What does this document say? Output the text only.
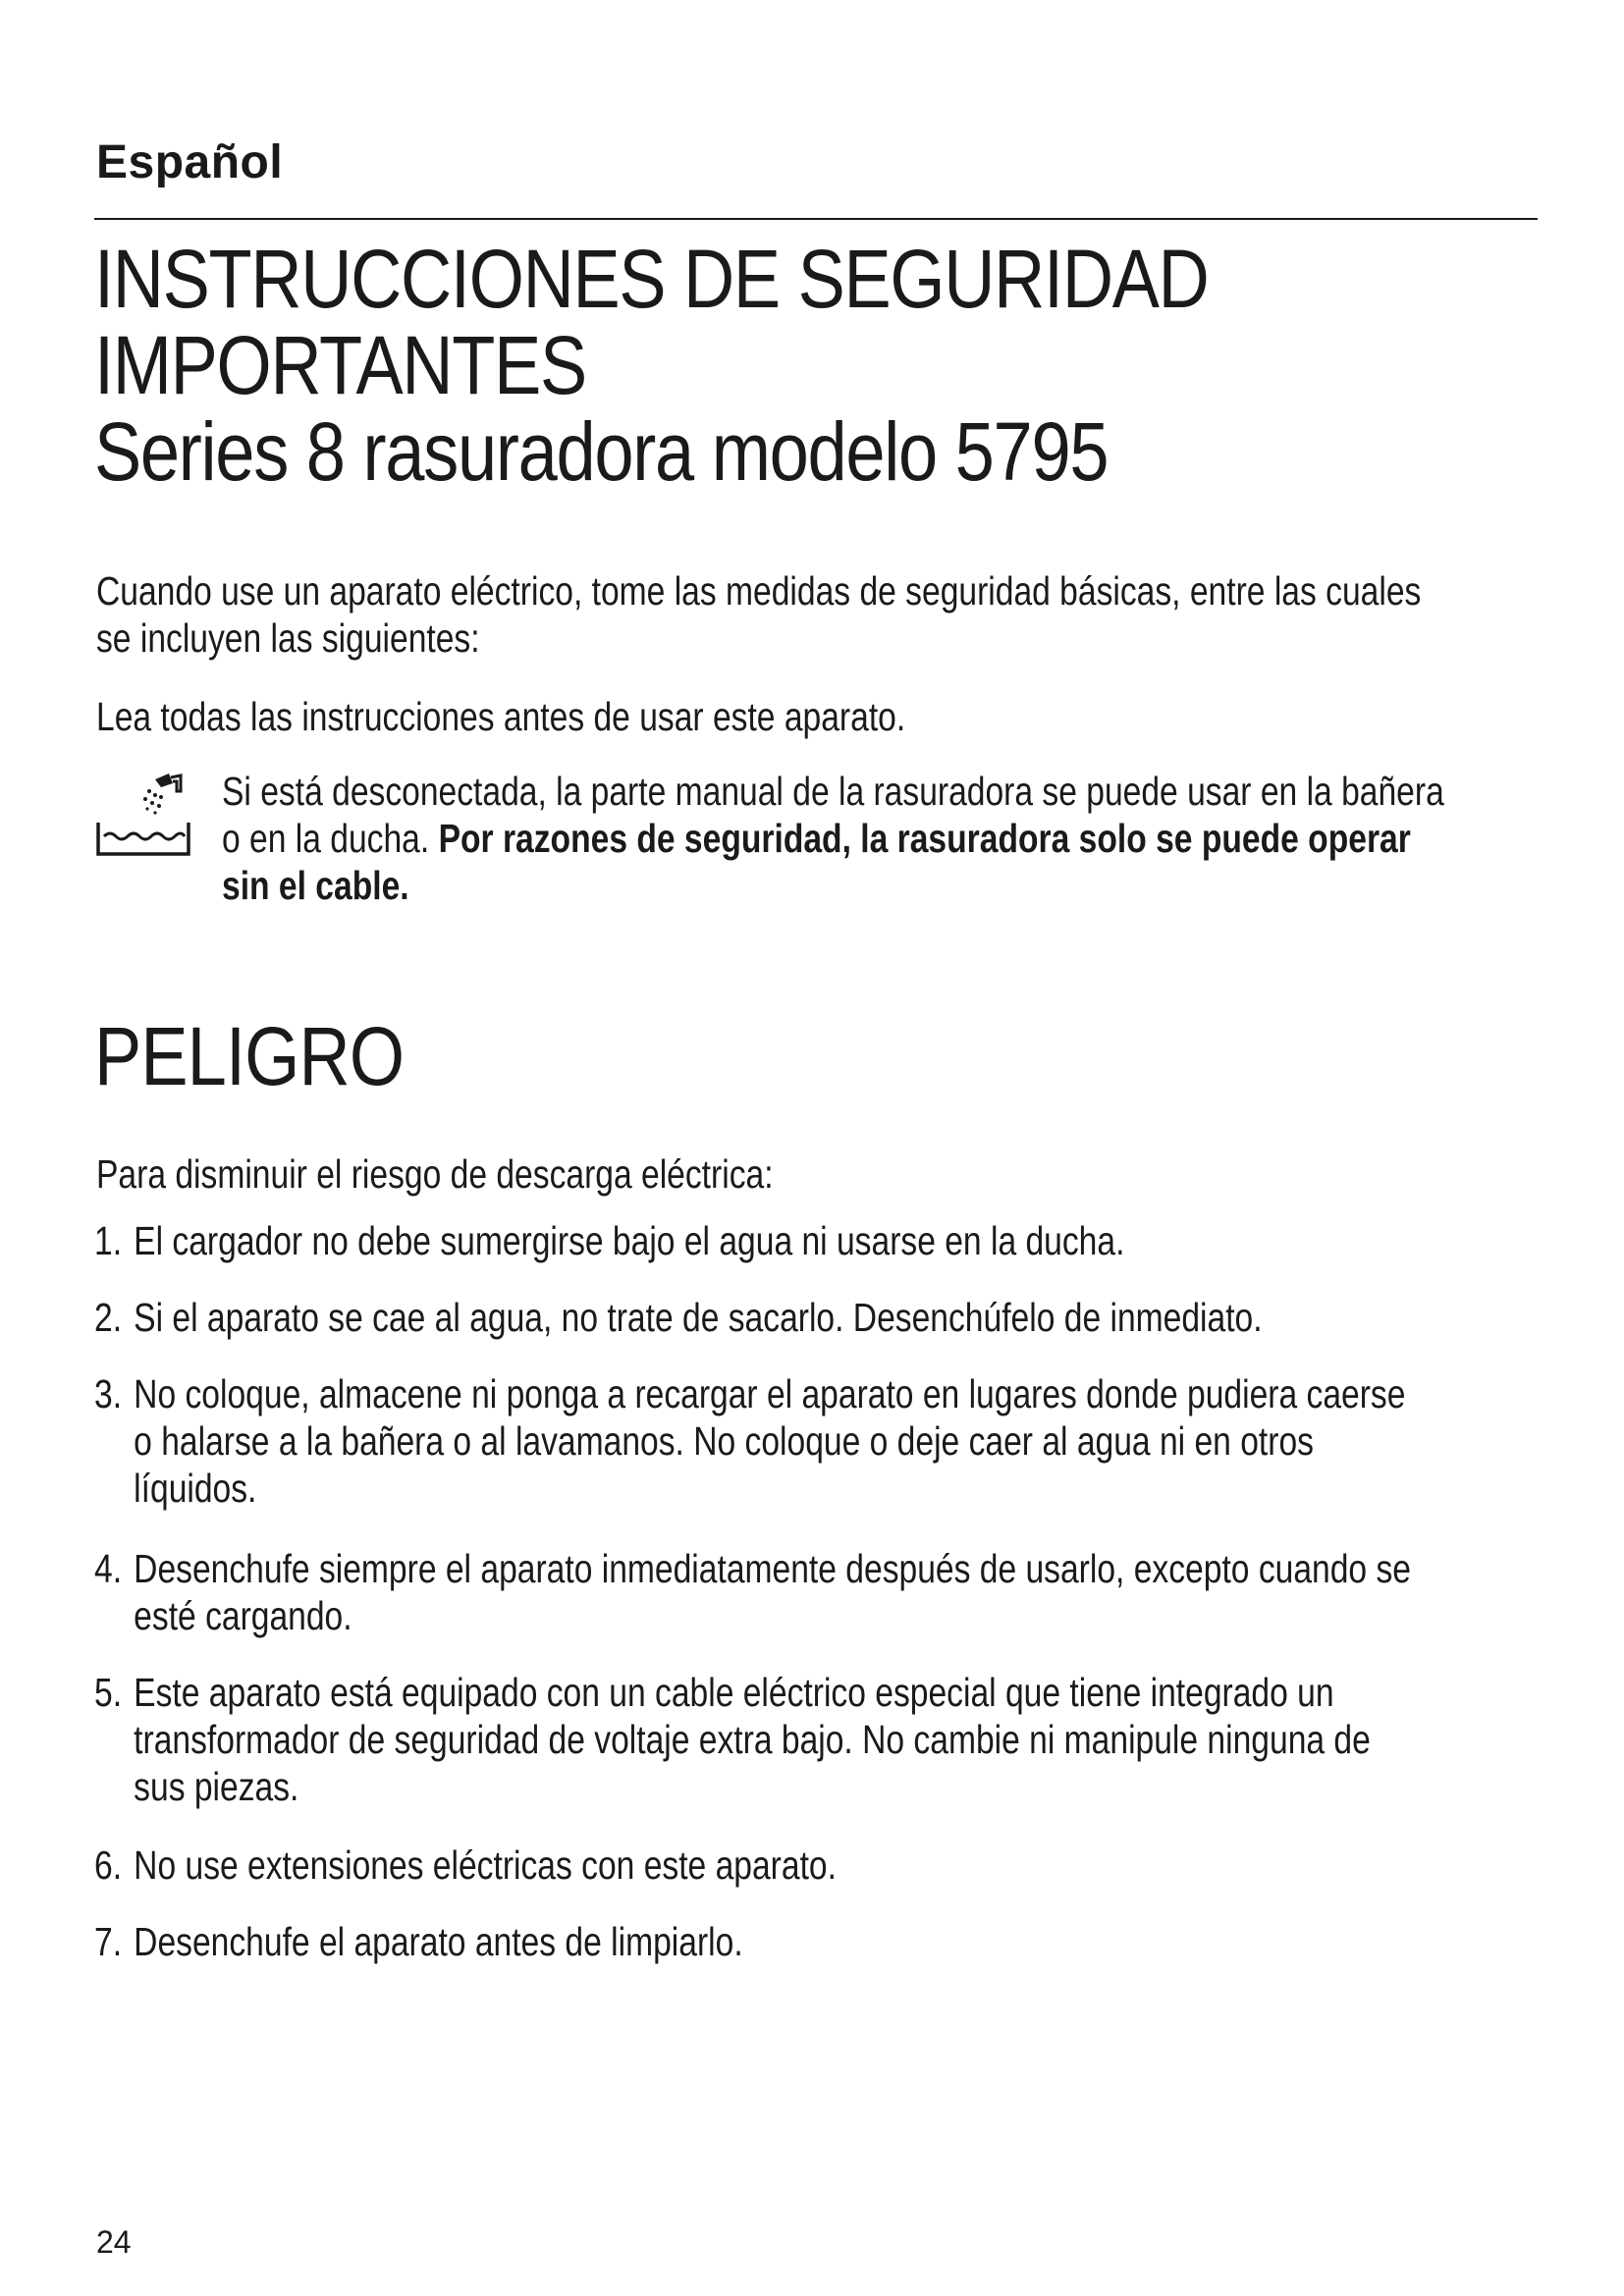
Español
INSTRUCCIONES DE SEGURIDAD
IMPORTANTES
Series 8 rasuradora modelo 5795
Cuando use un aparato eléctrico, tome las medidas de seguridad básicas, entre las cuales
se incluyen las siguientes:
Lea todas las instrucciones antes de usar este aparato.
Si está desconectada, la parte manual de la rasuradora se puede usar en la bañera
o en la ducha. Por razones de seguridad, la rasuradora solo se puede operar
sin el cable.
PELIGRO
Para disminuir el riesgo de descarga eléctrica:
1. El cargador no debe sumergirse bajo el agua ni usarse en la ducha.
2. Si el aparato se cae al agua, no trate de sacarlo. Desenchúfelo de inmediato.
3. No coloque, almacene ni ponga a recargar el aparato en lugares donde pudiera caerse
o halarse a la bañera o al lavamanos. No coloque o deje caer al agua ni en otros
líquidos.
4. Desenchufe siempre el aparato inmediatamente después de usarlo, excepto cuando se
esté cargando.
5. Este aparato está equipado con un cable eléctrico especial que tiene integrado un
transformador de seguridad de voltaje extra bajo. No cambie ni manipule ninguna de
sus piezas.
6. No use extensiones eléctricas con este aparato.
7. Desenchufe el aparato antes de limpiarlo.
24
